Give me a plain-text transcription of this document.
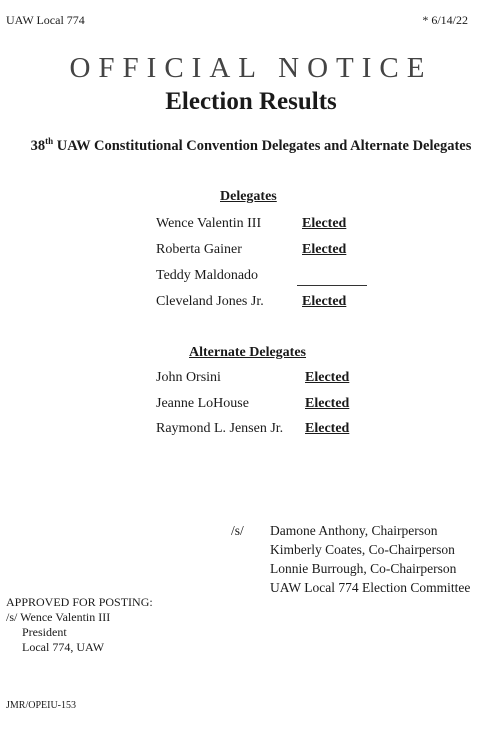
UAW Local 774	* 6/14/22
OFFICIAL NOTICE
Election Results
38th UAW Constitutional Convention Delegates and Alternate Delegates
Delegates
Wence Valentin III	Elected
Roberta Gainer	Elected
Teddy Maldonado
Cleveland Jones Jr.	Elected
Alternate Delegates
John Orsini	Elected
Jeanne LoHouse	Elected
Raymond L. Jensen Jr. Elected
/s/ Damone Anthony, Chairperson
Kimberly Coates, Co-Chairperson
Lonnie Burrough, Co-Chairperson
UAW Local 774 Election Committee
APPROVED FOR POSTING:
/s/ Wence Valentin III
President
Local 774, UAW
JMR/OPEIU-153
